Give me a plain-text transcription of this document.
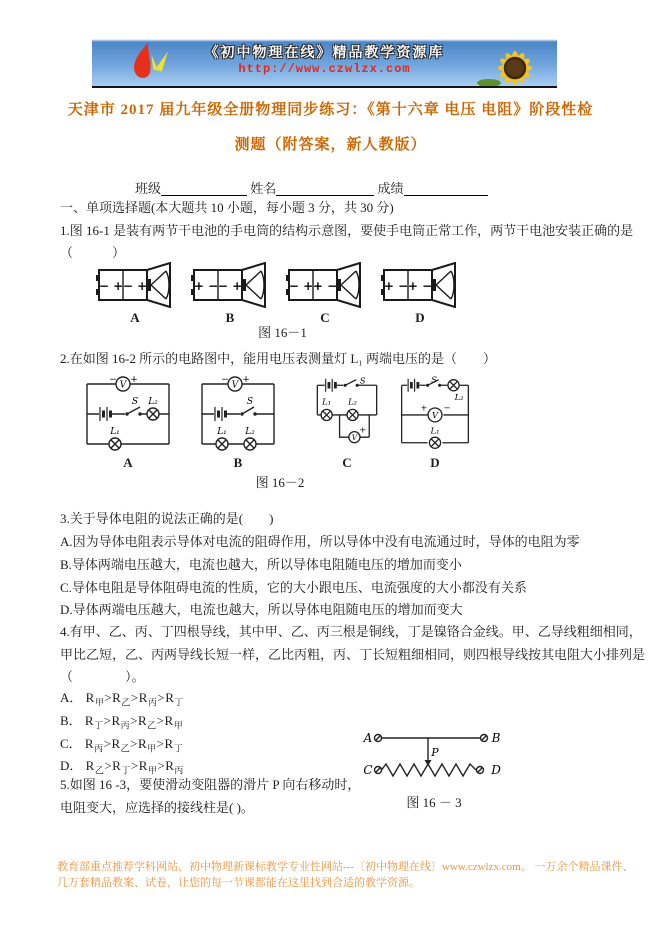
《初中物理在线》精品教学资源库
http://www.czwlzx.com
天津市 2017 届九年级全册物理同步练习：《第十六章 电压 电阻》阶段性检
测题（附答案，新人教版）
班级	姓名	成绩
一、单项选择题(本大题共 10 小题，每小题 3 分，共 30 分)
1.图 16-1 是装有两节干电池的手电筒的结构示意图，要使手电筒正常工作，两节干电池安装正确的是
（　　　）
− + − +
A
+ − − +
B
− + + −
C
+ − + −
D
图 16－1
2.在如图 16-2 所示的电路图中，能用电压表测量灯 L₁ 两端电压的是（　　）
V
− +
S L₂
L₁
A
V
− +
S
L₁ L₂
B
S
L₁ L₂
V
+
C
S
L₂
V
+ −
L₁
D
图 16－2
3.关于导体电阻的说法正确的是(　　)
A.因为导体电阻表示导体对电流的阻碍作用，所以导体中没有电流通过时，导体的电阻为零
B.导体两端电压越大，电流也越大，所以导体电阻随电压的增加而变小
C.导体电阻是导体阻碍电流的性质，它的大小跟电压、电流强度的大小都没有关系
D.导体两端电压越大，电流也越大，所以导体电阻随电压的增加而变大
4.有甲、乙、丙、丁四根导线，其中甲、乙、丙三根是铜线，丁是镍铬合金线。甲、乙导线粗细相同，
甲比乙短，乙、丙两导线长短一样，乙比丙粗，丙、丁长短粗细相同，则四根导线按其电阻大小排列是
（　　　　）。
A． $R_甲>R_乙>R_丙>R_丁$
B． $R_丁>R_丙>R_乙>R_甲$
C． $R_丙>R_乙>R_甲>R_丁$
D． $R_乙>R_丁>R_甲>R_丙$
A	B
C	D
P
图 16 － 3
5.如图 16 -3，要使滑动变阻器的滑片 P 向右移动时，
电阻变大，应选择的接线柱是( )。
教育部重点推荐学科网站、初中物理新课标教学专业性网站---〔初中物理在线〕www.czwlzx.com。 一万余个精品课件、
几万套精品教案、试卷，让您的每一节课都能在这里找到合适的教学资源。
